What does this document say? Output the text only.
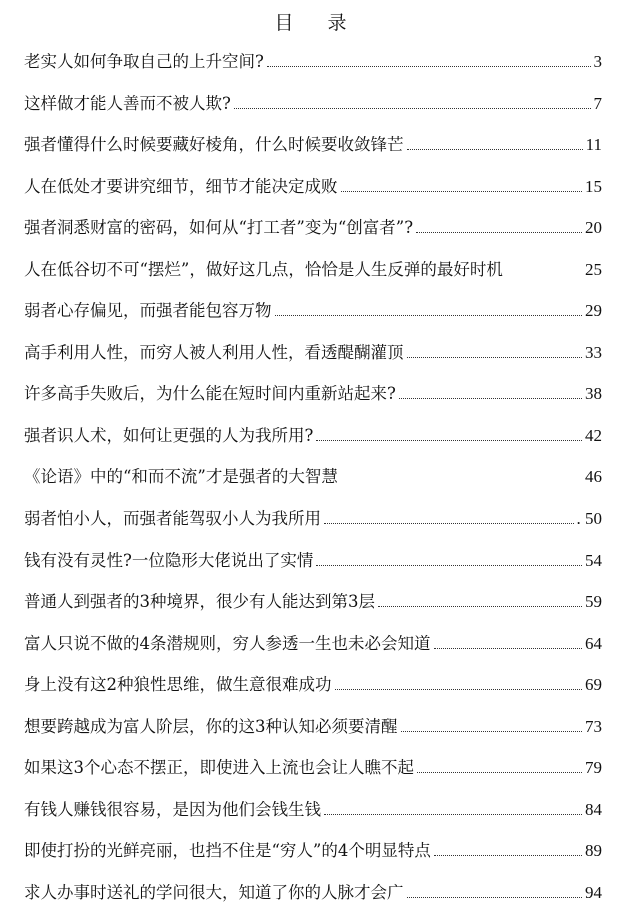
目 录
老实人如何争取自己的上升空间?	3
这样做才能人善而不被人欺?	7
强者懂得什么时候要藏好棱角，什么时候要收敛锋芒	11
人在低处才要讲究细节，细节才能决定成败	15
强者洞悉财富的密码，如何从“打工者”变为“创富者”?	20
人在低谷切不可“摆烂”，做好这几点，恰恰是人生反弹的最好时机	25
弱者心存偏见，而强者能包容万物	29
高手利用人性，而穷人被人利用人性，看透醍醐灌顶	33
许多高手失败后，为什么能在短时间内重新站起来?	38
强者识人术，如何让更强的人为我所用?	42
《论语》中的“和而不流”才是强者的大智慧	46
弱者怕小人，而强者能驾驭小人为我所用	. 50
钱有没有灵性?一位隐形大佬说出了实情	54
普通人到强者的3种境界，很少有人能达到第3层	59
富人只说不做的4条潜规则，穷人参透一生也未必会知道	64
身上没有这2种狼性思维，做生意很难成功	69
想要跨越成为富人阶层，你的这3种认知必须要清醒	73
如果这3个心态不摆正，即使进入上流也会让人瞧不起	79
有钱人赚钱很容易，是因为他们会钱生钱	84
即使打扮的光鲜亮丽，也挡不住是“穷人”的4个明显特点	89
求人办事时送礼的学问很大，知道了你的人脉才会广	94
